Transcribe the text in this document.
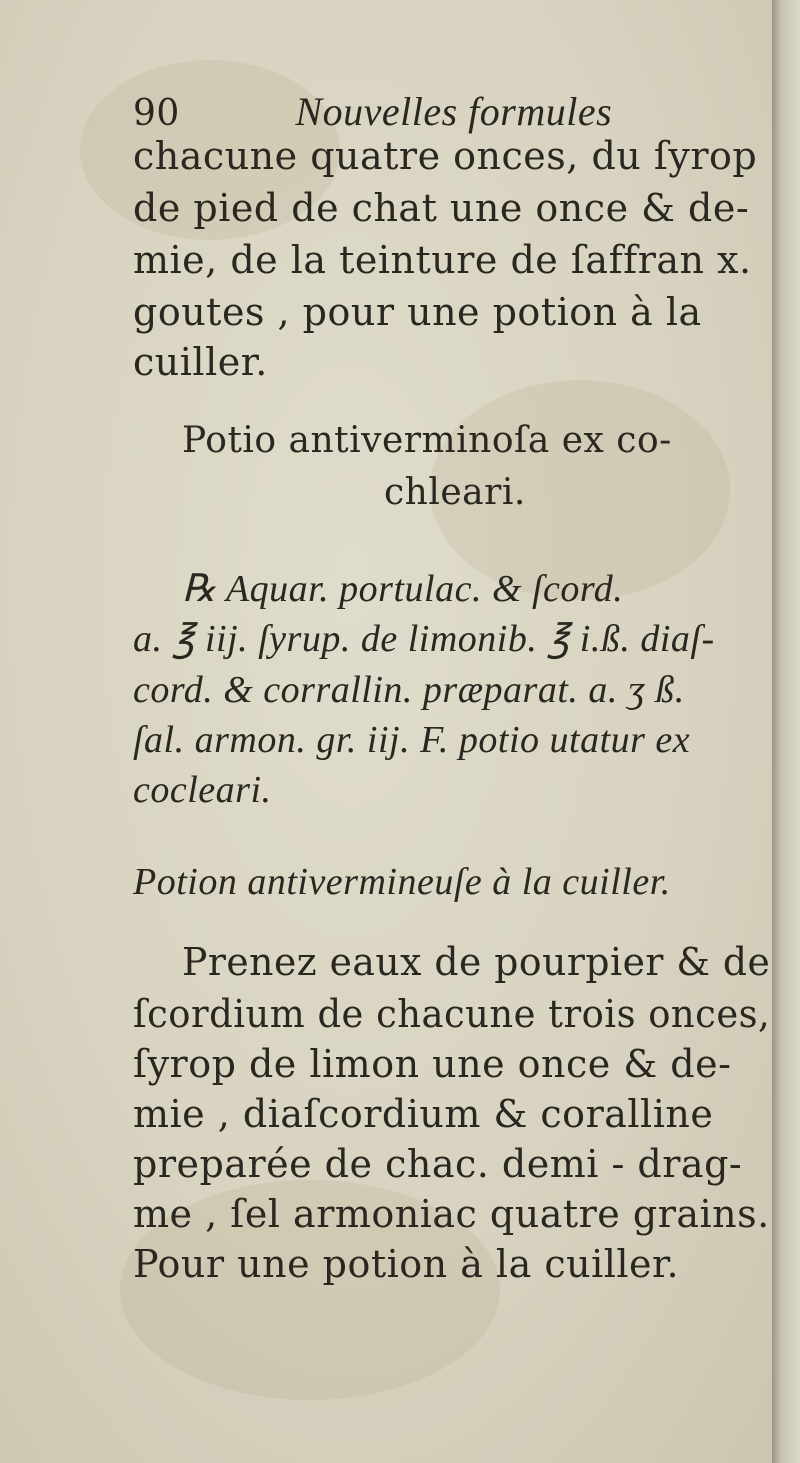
90	Nouvelles formules
chacune quatre onces, du ſyrop
de pied de chat une once & de-
mie, de la teinture de ſaffran x.
goutes , pour une potion à la
cuiller.
Potio antiverminoſa ex co-
chleari.
℞ Aquar. portulac. & ſcord.
a. ℥ iij. ſyrup. de limonib. ℥ i.ß. diaſ-
cord. & corrallin. præparat. a. ʒ ß.
ſal. armon. gr. iij. F. potio utatur ex
cocleari.
Potion antivermineuſe à la cuiller.
Prenez eaux de pourpier & de
ſcordium de chacune trois onces,
ſyrop de limon une once & de-
mie , diaſcordium & coralline
preparée de chac. demi - drag-
me , ſel armoniac quatre grains.
Pour une potion à la cuiller.
